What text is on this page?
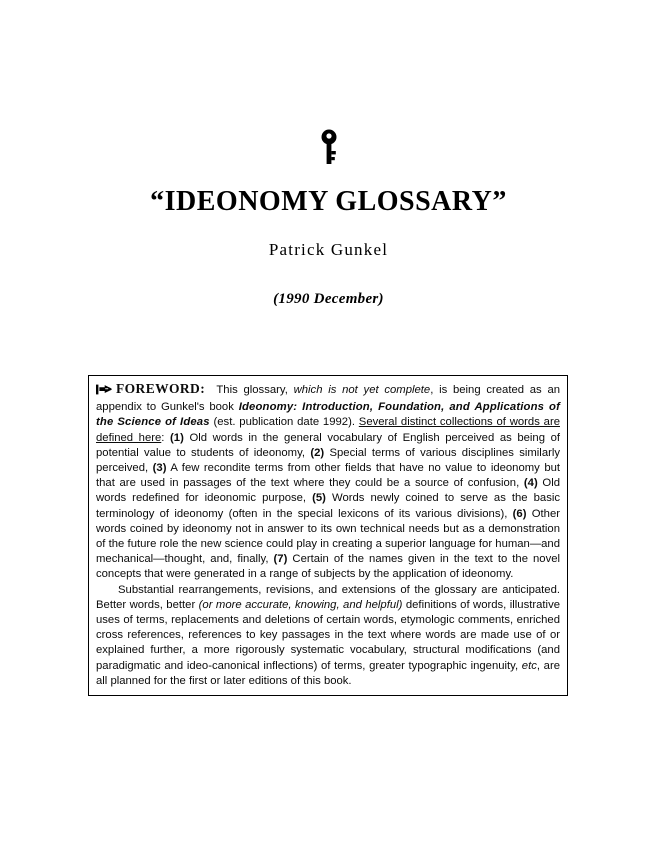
“IDEONOMY GLOSSARY”
Patrick Gunkel
(1990 December)

FOREWORD: This glossary, which is not yet complete, is being created as an appendix to Gunkel's book Ideonomy: Introduction, Foundation, and Applications of the Science of Ideas (est. publication date 1992). Several distinct collections of words are defined here: (1) Old words in the general vocabulary of English perceived as being of potential value to students of ideonomy, (2) Special terms of various disciplines similarly perceived, (3) A few recondite terms from other fields that have no value to ideonomy but that are used in passages of the text where they could be a source of confusion, (4) Old words redefined for ideonomic purpose, (5) Words newly coined to serve as the basic terminology of ideonomy (often in the special lexicons of its various divisions), (6) Other words coined by ideonomy not in answer to its own technical needs but as a demonstration of the future role the new science could play in creating a superior language for human—and mechanical—thought, and, finally, (7) Certain of the names given in the text to the novel concepts that were generated in a range of subjects by the application of ideonomy.

Substantial rearrangements, revisions, and extensions of the glossary are anticipated. Better words, better (or more accurate, knowing, and helpful) definitions of words, illustrative uses of terms, replacements and deletions of certain words, etymologic comments, enriched cross references, references to key passages in the text where words are made use of or explained further, a more rigorously systematic vocabulary, structural modifications (and paradigmatic and ideo-canonical inflections) of terms, greater typographic ingenuity, etc, are all planned for the first or later editions of this book.
